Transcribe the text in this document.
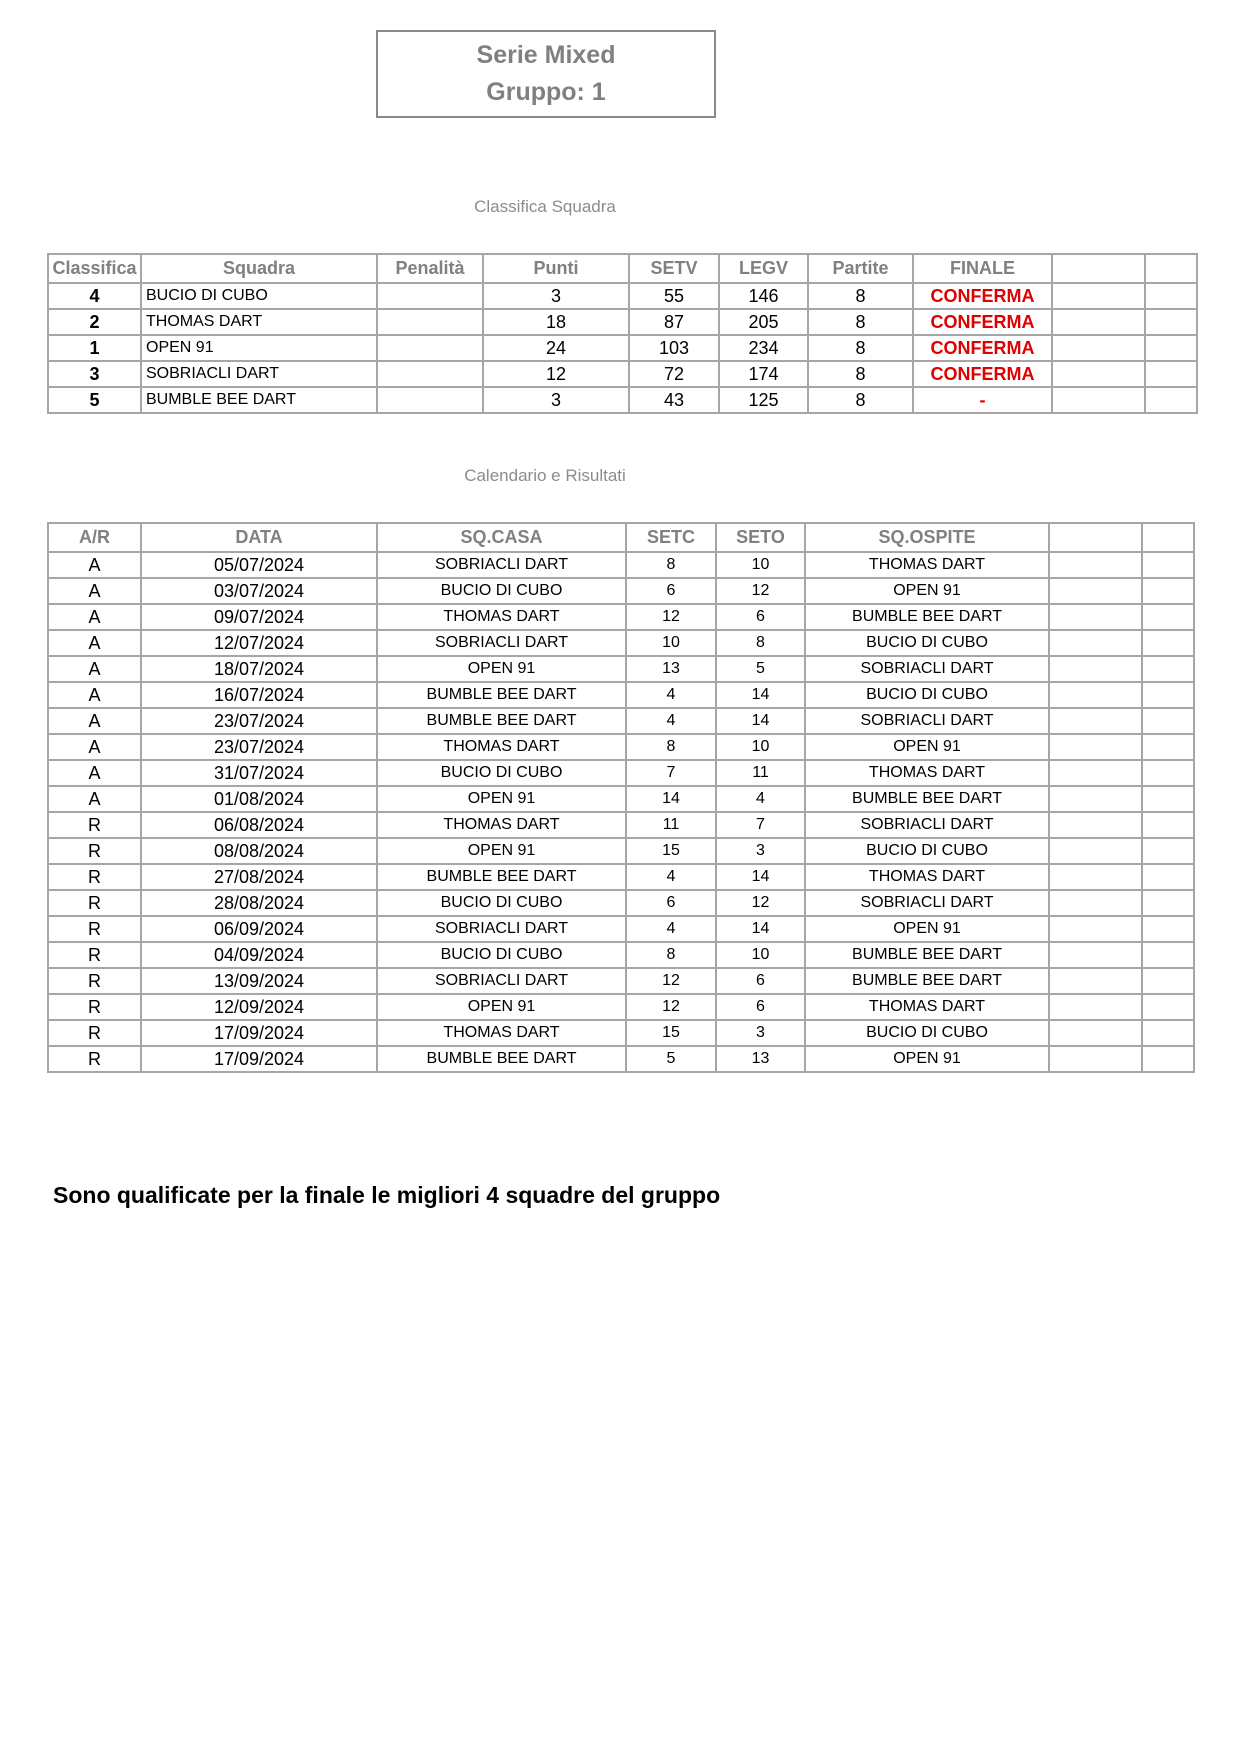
Serie Mixed
Gruppo: 1
Classifica Squadra
Classifica	Squadra	Penalità	Punti	SETV	LEGV	Partite	FINALE		
4	BUCIO DI CUBO		3	55	146	8	CONFERMA		
2	THOMAS DART		18	87	205	8	CONFERMA		
1	OPEN 91		24	103	234	8	CONFERMA		
3	SOBRIACLI DART		12	72	174	8	CONFERMA		
5	BUMBLE BEE DART		3	43	125	8	-		
Calendario e Risultati
A/R	DATA	SQ.CASA	SETC	SETO	SQ.OSPITE		
A	05/07/2024	SOBRIACLI DART	8	10	THOMAS DART		
A	03/07/2024	BUCIO DI CUBO	6	12	OPEN 91		
A	09/07/2024	THOMAS DART	12	6	BUMBLE BEE DART		
A	12/07/2024	SOBRIACLI DART	10	8	BUCIO DI CUBO		
A	18/07/2024	OPEN 91	13	5	SOBRIACLI DART		
A	16/07/2024	BUMBLE BEE DART	4	14	BUCIO DI CUBO		
A	23/07/2024	BUMBLE BEE DART	4	14	SOBRIACLI DART		
A	23/07/2024	THOMAS DART	8	10	OPEN 91		
A	31/07/2024	BUCIO DI CUBO	7	11	THOMAS DART		
A	01/08/2024	OPEN 91	14	4	BUMBLE BEE DART		
R	06/08/2024	THOMAS DART	11	7	SOBRIACLI DART		
R	08/08/2024	OPEN 91	15	3	BUCIO DI CUBO		
R	27/08/2024	BUMBLE BEE DART	4	14	THOMAS DART		
R	28/08/2024	BUCIO DI CUBO	6	12	SOBRIACLI DART		
R	06/09/2024	SOBRIACLI DART	4	14	OPEN 91		
R	04/09/2024	BUCIO DI CUBO	8	10	BUMBLE BEE DART		
R	13/09/2024	SOBRIACLI DART	12	6	BUMBLE BEE DART		
R	12/09/2024	OPEN 91	12	6	THOMAS DART		
R	17/09/2024	THOMAS DART	15	3	BUCIO DI CUBO		
R	17/09/2024	BUMBLE BEE DART	5	13	OPEN 91		
Sono qualificate per la finale le migliori 4 squadre del gruppo
